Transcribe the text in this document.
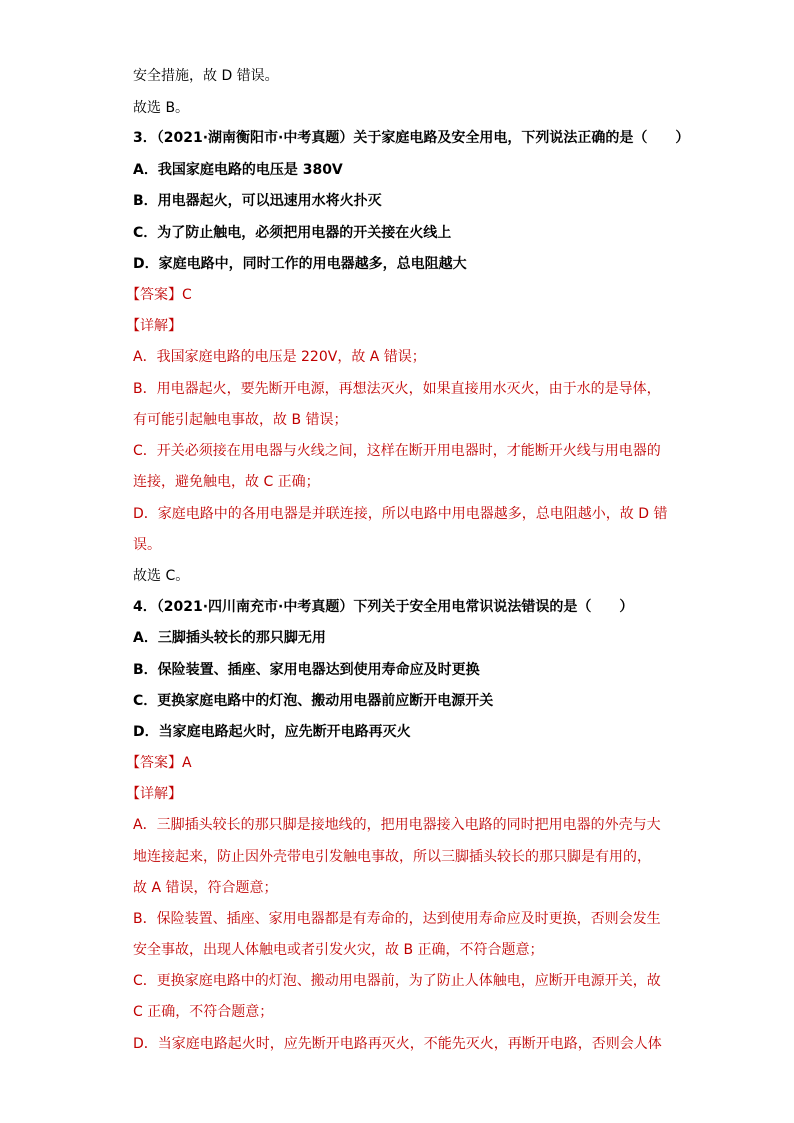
安全措施，故 D 错误。
故选 B。
3．（2021·湖南衡阳市·中考真题）关于家庭电路及安全用电，下列说法正确的是（　　）
A．我国家庭电路的电压是 380V
B．用电器起火，可以迅速用水将火扑灭
C．为了防止触电，必须把用电器的开关接在火线上
D．家庭电路中，同时工作的用电器越多，总电阻越大
【答案】C
【详解】
A．我国家庭电路的电压是 220V，故 A 错误；
B．用电器起火，要先断开电源，再想法灭火，如果直接用水灭火，由于水的是导体，
有可能引起触电事故，故 B 错误；
C．开关必须接在用电器与火线之间，这样在断开用电器时，才能断开火线与用电器的
连接，避免触电，故 C 正确；
D．家庭电路中的各用电器是并联连接，所以电路中用电器越多，总电阻越小，故 D 错
误。
故选 C。
4．（2021·四川南充市·中考真题）下列关于安全用电常识说法错误的是（　　）
A．三脚插头较长的那只脚无用
B．保险装置、插座、家用电器达到使用寿命应及时更换
C．更换家庭电路中的灯泡、搬动用电器前应断开电源开关
D．当家庭电路起火时，应先断开电路再灭火
【答案】A
【详解】
A．三脚插头较长的那只脚是接地线的，把用电器接入电路的同时把用电器的外壳与大
地连接起来，防止因外壳带电引发触电事故，所以三脚插头较长的那只脚是有用的，
故 A 错误，符合题意；
B．保险装置、插座、家用电器都是有寿命的，达到使用寿命应及时更换，否则会发生
安全事故，出现人体触电或者引发火灾，故 B 正确，不符合题意；
C．更换家庭电路中的灯泡、搬动用电器前，为了防止人体触电，应断开电源开关，故
C 正确，不符合题意；
D．当家庭电路起火时，应先断开电路再灭火，不能先灭火，再断开电路，否则会人体
